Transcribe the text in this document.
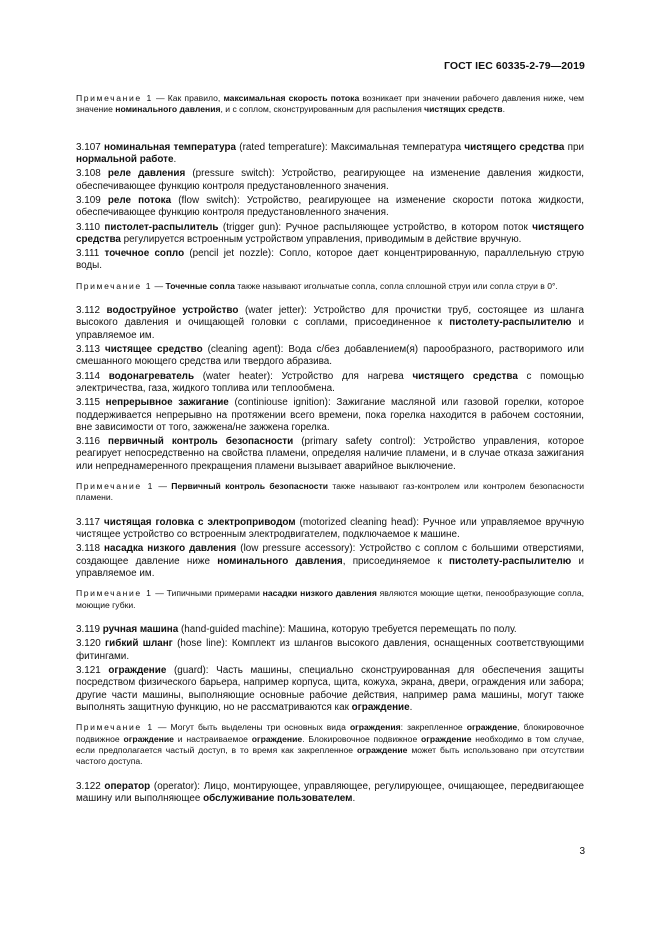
ГОСТ IEC 60335-2-79—2019

Примечание 1 — Как правило, максимальная скорость потока возникает при значении рабочего давления ниже, чем значение номинального давления, и с соплом, сконструированным для распыления чистящих средств.

3.107 номинальная температура (rated temperature): Максимальная температура чистящего средства при нормальной работе.

3.108 реле давления (pressure switch): Устройство, реагирующее на изменение давления жидкости, обеспечивающее функцию контроля предустановленного значения.

3.109 реле потока (flow switch): Устройство, реагирующее на изменение скорости потока жидкости, обеспечивающее функцию контроля предустановленного значения.

3.110 пистолет-распылитель (trigger gun): Ручное распыляющее устройство, в котором поток чистящего средства регулируется встроенным устройством управления, приводимым в действие вручную.

3.111 точечное сопло (pencil jet nozzle): Сопло, которое дает концентрированную, параллельную струю воды.

Примечание 1 — Точечные сопла также называют игольчатые сопла, сопла сплошной струи или сопла струи в 0°.

3.112 водоструйное устройство (water jetter): Устройство для прочистки труб, состоящее из шланга высокого давления и очищающей головки с соплами, присоединенное к пистолету-распылителю и управляемое им.

3.113 чистящее средство (cleaning agent): Вода с/без добавлением(я) парообразного, растворимого или смешанного моющего средства или твердого абразива.

3.114 водонагреватель (water heater): Устройство для нагрева чистящего средства с помощью электричества, газа, жидкого топлива или теплообмена.

3.115 непрерывное зажигание (continiouse ignition): Зажигание масляной или газовой горелки, которое поддерживается непрерывно на протяжении всего времени, пока горелка находится в рабочем состоянии, вне зависимости от того, зажжена/не зажжена горелка.

3.116 первичный контроль безопасности (primary safety control): Устройство управления, которое реагирует непосредственно на свойства пламени, определяя наличие пламени, и в случае отказа зажигания или непреднамеренного прекращения пламени вызывает аварийное выключение.

Примечание 1 — Первичный контроль безопасности также называют газ-контролем или контролем безопасности пламени.

3.117 чистящая головка с электроприводом (motorized cleaning head): Ручное или управляемое вручную чистящее устройство со встроенным электродвигателем, подключаемое к машине.

3.118 насадка низкого давления (low pressure accessory): Устройство с соплом с большими отверстиями, создающее давление ниже номинального давления, присоединяемое к пистолету-распылителю и управляемое им.

Примечание 1 — Типичными примерами насадки низкого давления являются моющие щетки, пенообразующие сопла, моющие губки.

3.119 ручная машина (hand-guided machine): Машина, которую требуется перемещать по полу.

3.120 гибкий шланг (hose line): Комплект из шлангов высокого давления, оснащенных соответствующими фитингами.

3.121 ограждение (guard): Часть машины, специально сконструированная для обеспечения защиты посредством физического барьера, например корпуса, щита, кожуха, экрана, двери, ограждения или забора; другие части машины, выполняющие основные рабочие действия, например рама машины, могут также выполнять защитную функцию, но не рассматриваются как ограждение.

Примечание 1 — Могут быть выделены три основных вида ограждения: закрепленное ограждение, блокировочное подвижное ограждение и настраиваемое ограждение. Блокировочное подвижное ограждение необходимо в том случае, если предполагается частый доступ, в то время как закрепленное ограждение может быть использовано при отсутствии частого доступа.

3.122 оператор (operator): Лицо, монтирующее, управляющее, регулирующее, очищающее, передвигающее машину или выполняющее обслуживание пользователем.

3
